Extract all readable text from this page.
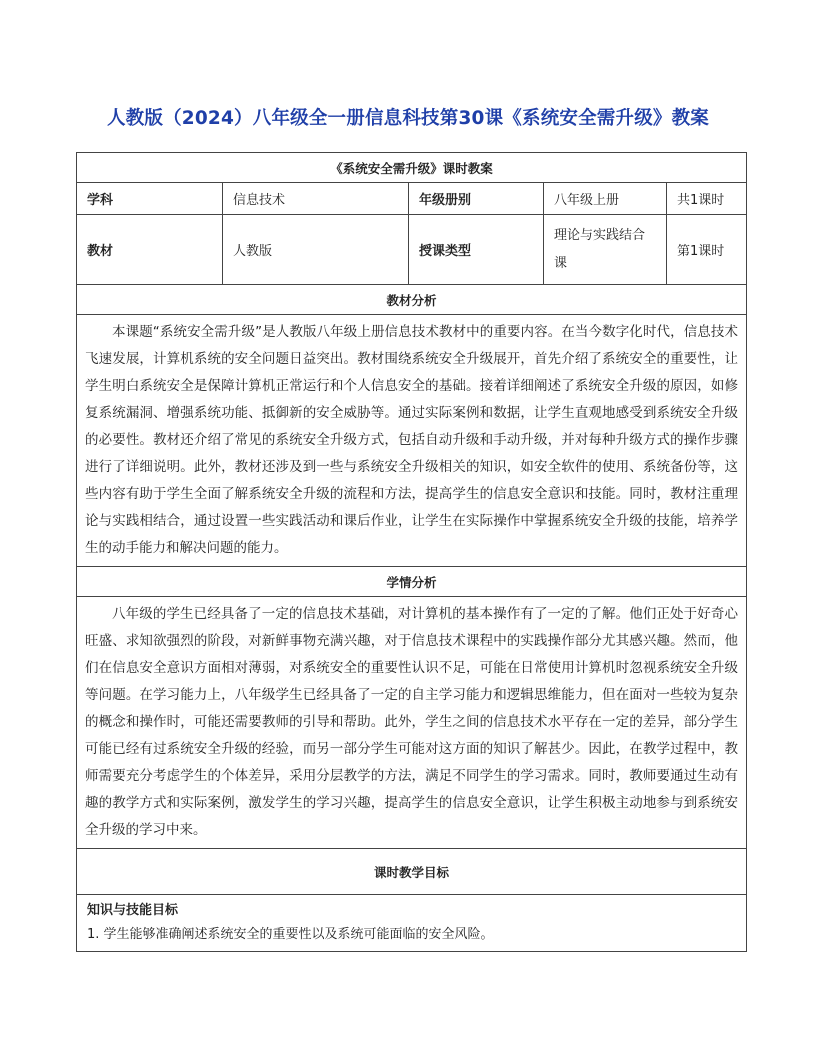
人教版（2024）八年级全一册信息科技第30课《系统安全需升级》教案
《系统安全需升级》课时教案				
学科	信息技术	年级册别	八年级上册	共1课时
教材	人教版	授课类型	理论与实践结合课	第1课时
教材分析				
本课题“系统安全需升级”是人教版八年级上册信息技术教材中的重要内容。在当今数字化时代，信息技术飞速发展，计算机系统的安全问题日益突出。教材围绕系统安全升级展开，首先介绍了系统安全的重要性，让学生明白系统安全是保障计算机正常运行和个人信息安全的基础。接着详细阐述了系统安全升级的原因，如修复系统漏洞、增强系统功能、抵御新的安全威胁等。通过实际案例和数据，让学生直观地感受到系统安全升级的必要性。教材还介绍了常见的系统安全升级方式，包括自动升级和手动升级，并对每种升级方式的操作步骤进行了详细说明。此外，教材还涉及到一些与系统安全升级相关的知识，如安全软件的使用、系统备份等，这些内容有助于学生全面了解系统安全升级的流程和方法，提高学生的信息安全意识和技能。同时，教材注重理论与实践相结合，通过设置一些实践活动和课后作业，让学生在实际操作中掌握系统安全升级的技能，培养学生的动手能力和解决问题的能力。				
学情分析				
八年级的学生已经具备了一定的信息技术基础，对计算机的基本操作有了一定的了解。他们正处于好奇心旺盛、求知欲强烈的阶段，对新鲜事物充满兴趣，对于信息技术课程中的实践操作部分尤其感兴趣。然而，他们在信息安全意识方面相对薄弱，对系统安全的重要性认识不足，可能在日常使用计算机时忽视系统安全升级等问题。在学习能力上，八年级学生已经具备了一定的自主学习能力和逻辑思维能力，但在面对一些较为复杂的概念和操作时，可能还需要教师的引导和帮助。此外，学生之间的信息技术水平存在一定的差异，部分学生可能已经有过系统安全升级的经验，而另一部分学生可能对这方面的知识了解甚少。因此，在教学过程中，教师需要充分考虑学生的个体差异，采用分层教学的方法，满足不同学生的学习需求。同时，教师要通过生动有趣的教学方式和实际案例，激发学生的学习兴趣，提高学生的信息安全意识，让学生积极主动地参与到系统安全升级的学习中来。				
课时教学目标				

知识与技能目标
1. 学生能够准确阐述系统安全的重要性以及系统可能面临的安全风险。				
